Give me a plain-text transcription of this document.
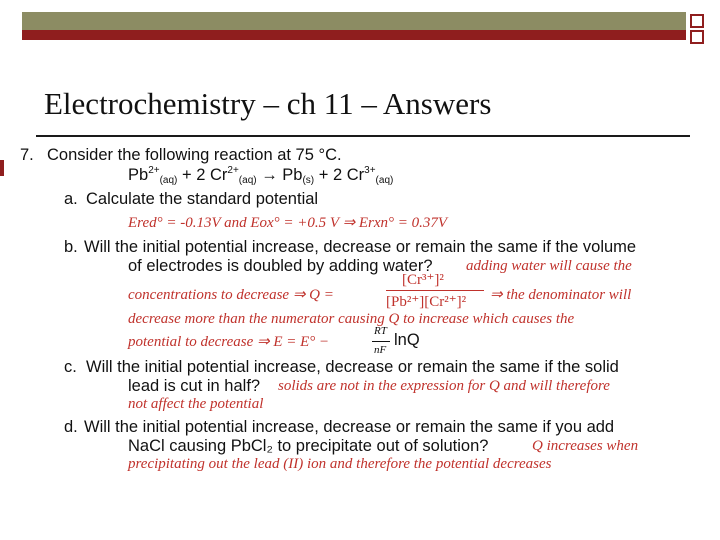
Electrochemistry – ch 11 – Answers
7. Consider the following reaction at 75 °C.
$Pb^{2+}_{(aq)} + 2$ $Cr^{2+}_{(aq)} \to Pb_{(s)} + 2$ $Cr^{3+}_{(aq)}$
a. Calculate the standard potential
Ered° = -0.13V and Eox° = +0.5 V ⇒ Erxn° = 0.37V
b. Will the initial potential increase, decrease or remain the same if the volume
of electrodes is doubled by adding water? adding water will cause the
concentrations to decrease ⇒ Q =
[Cr³⁺]²
[Pb²⁺][Cr²⁺]² ⇒ the denominator will
decrease more than the numerator causing Q to increase which causes the
potential to decrease ⇒ E = E° −
RT
nF
lnQ
c. Will the initial potential increase, decrease or remain the same if the solid
lead is cut in half? solids are not in the expression for Q and will therefore
not affect the potential
d. Will the initial potential increase, decrease or remain the same if you add
NaCl causing PbCl₂ to precipitate out of solution?	Q increases when
precipitating out the lead (II) ion and therefore the potential decreases
